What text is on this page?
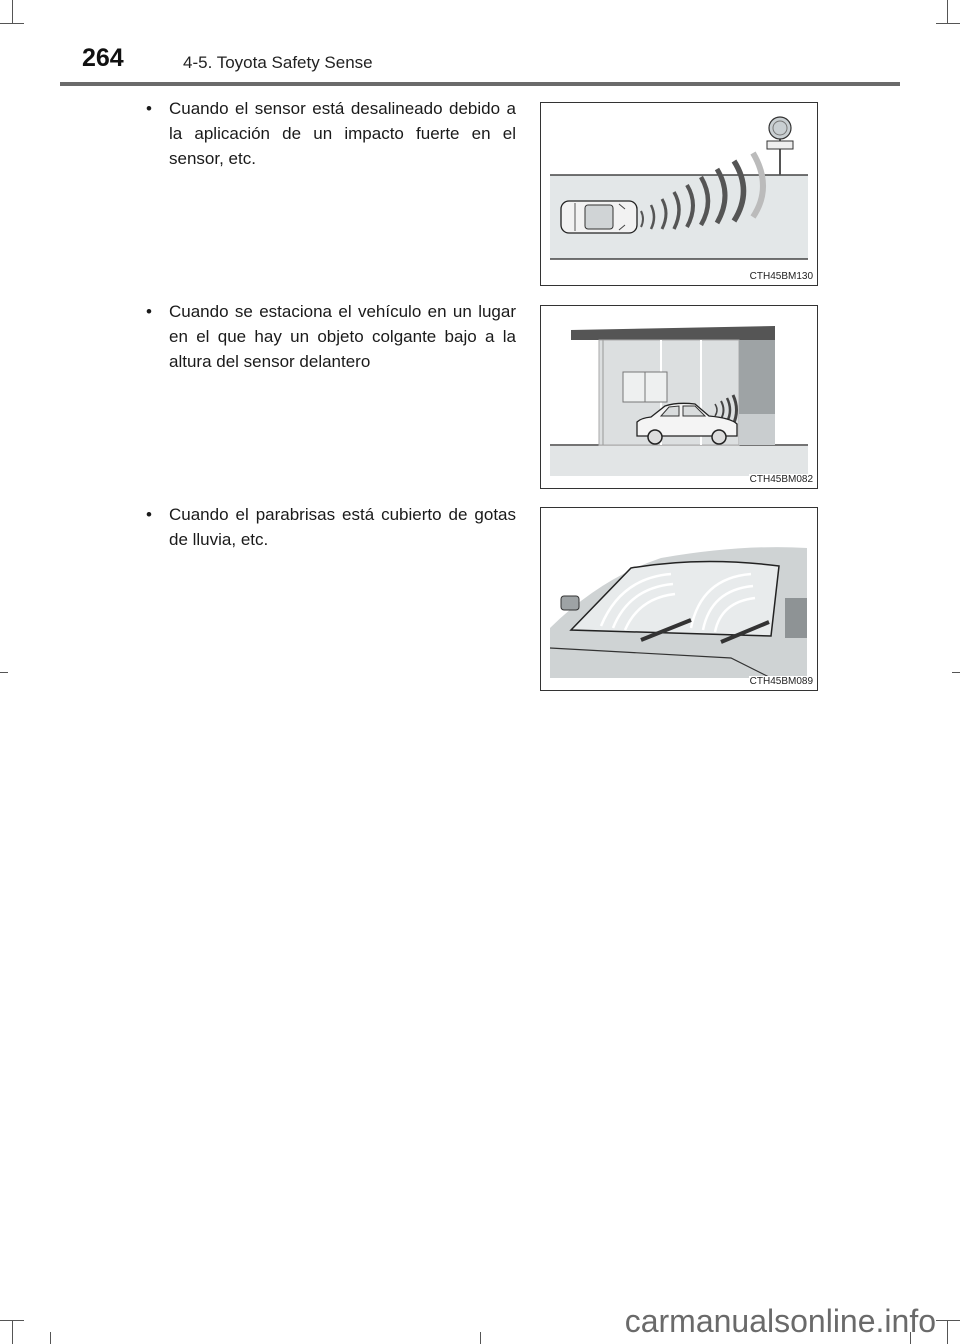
264	4-5. Toyota Safety Sense
•	Cuando el sensor está desalineado debido a la aplicación de un impacto fuerte en el sensor, etc.
CTH45BM130
•	Cuando se estaciona el vehículo en un lugar en el que hay un objeto colgante bajo a la altura del sensor delantero
CTH45BM082
•	Cuando el parabrisas está cubierto de gotas de lluvia, etc.
CTH45BM089
carmanualsonline.info
